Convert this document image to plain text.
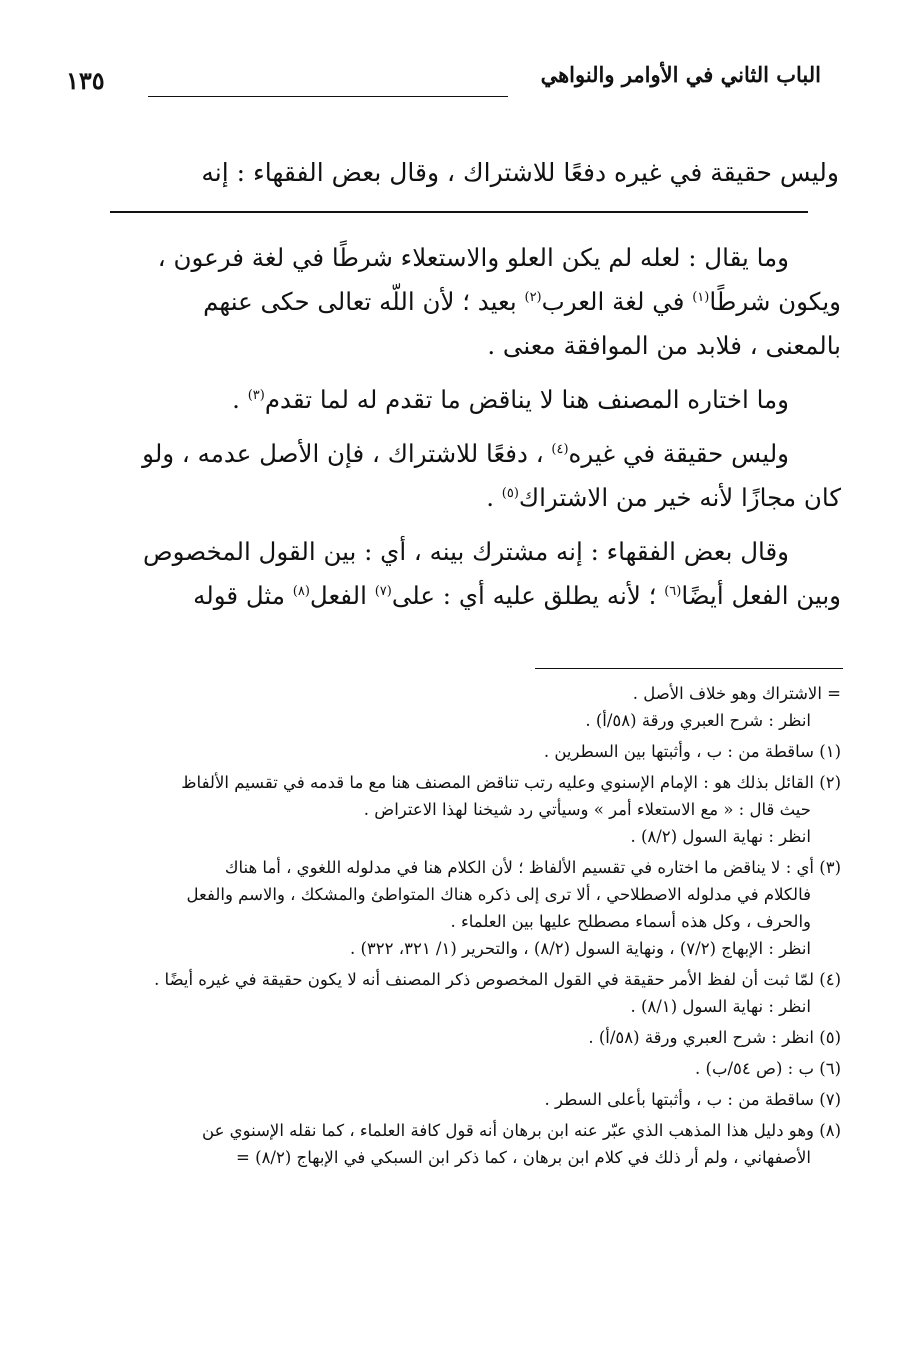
الباب الثاني في الأوامر والنواهي
١٣٥
وليس حقيقة في غيره دفعًا للاشتراك ، وقال بعض الفقهاء : إنه
وما يقال : لعله لم يكن العلو والاستعلاء شرطًا في لغة فرعون ،
ويكون شرطًا$^{(١)}$ في لغة العرب$^{(٢)}$ بعيد ؛ لأن اللّه تعالى حكى عنهم
بالمعنى ، فلابد من الموافقة معنى .
وما اختاره المصنف هنا لا يناقض ما تقدم له لما تقدم$^{(٣)}$ .
وليس حقيقة في غيره$^{(٤)}$ ، دفعًا للاشتراك ، فإن الأصل عدمه ، ولو
كان مجازًا لأنه خير من الاشتراك$^{(٥)}$ .
وقال بعض الفقهاء : إنه مشترك بينه ، أي : بين القول المخصوص
وبين الفعل أيضًا$^{(٦)}$ ؛ لأنه يطلق عليه أي : على$^{(٧)}$ الفعل$^{(٨)}$ مثل قوله
= الاشتراك وهو خلاف الأصل .
انظر : شرح العبري ورقة (٥٨/أ) .
(١) ساقطة من : ب ، وأثبتها بين السطرين .
(٢) القائل بذلك هو : الإمام الإسنوي وعليه رتب تناقض المصنف هنا مع ما قدمه في تقسيم الألفاظ
حيث قال : « مع الاستعلاء أمر » وسيأتي رد شيخنا لهذا الاعتراض .
انظر : نهاية السول (٨/٢) .
(٣) أي : لا يناقض ما اختاره في تقسيم الألفاظ ؛ لأن الكلام هنا في مدلوله اللغوي ، أما هناك
فالكلام في مدلوله الاصطلاحي ، ألا ترى إلى ذكره هناك المتواطئ والمشكك ، والاسم والفعل
والحرف ، وكل هذه أسماء مصطلح عليها بين العلماء .
انظر : الإبهاج (٧/٢) ، ونهاية السول (٨/٢) ، والتحرير (١/ ٣٢١، ٣٢٢) .
(٤) لمّا ثبت أن لفظ الأمر حقيقة في القول المخصوص ذكر المصنف أنه لا يكون حقيقة في غيره أيضًا .
انظر : نهاية السول (٨/١) .
(٥) انظر : شرح العبري ورقة (٥٨/أ) .
(٦) ب : (ص ٥٤/ب) .
(٧) ساقطة من : ب ، وأثبتها بأعلى السطر .
(٨) وهو دليل هذا المذهب الذي عبّر عنه ابن برهان أنه قول كافة العلماء ، كما نقله الإسنوي عن
الأصفهاني ، ولم أر ذلك في كلام ابن برهان ، كما ذكر ابن السبكي في الإبهاج (٨/٢) =
